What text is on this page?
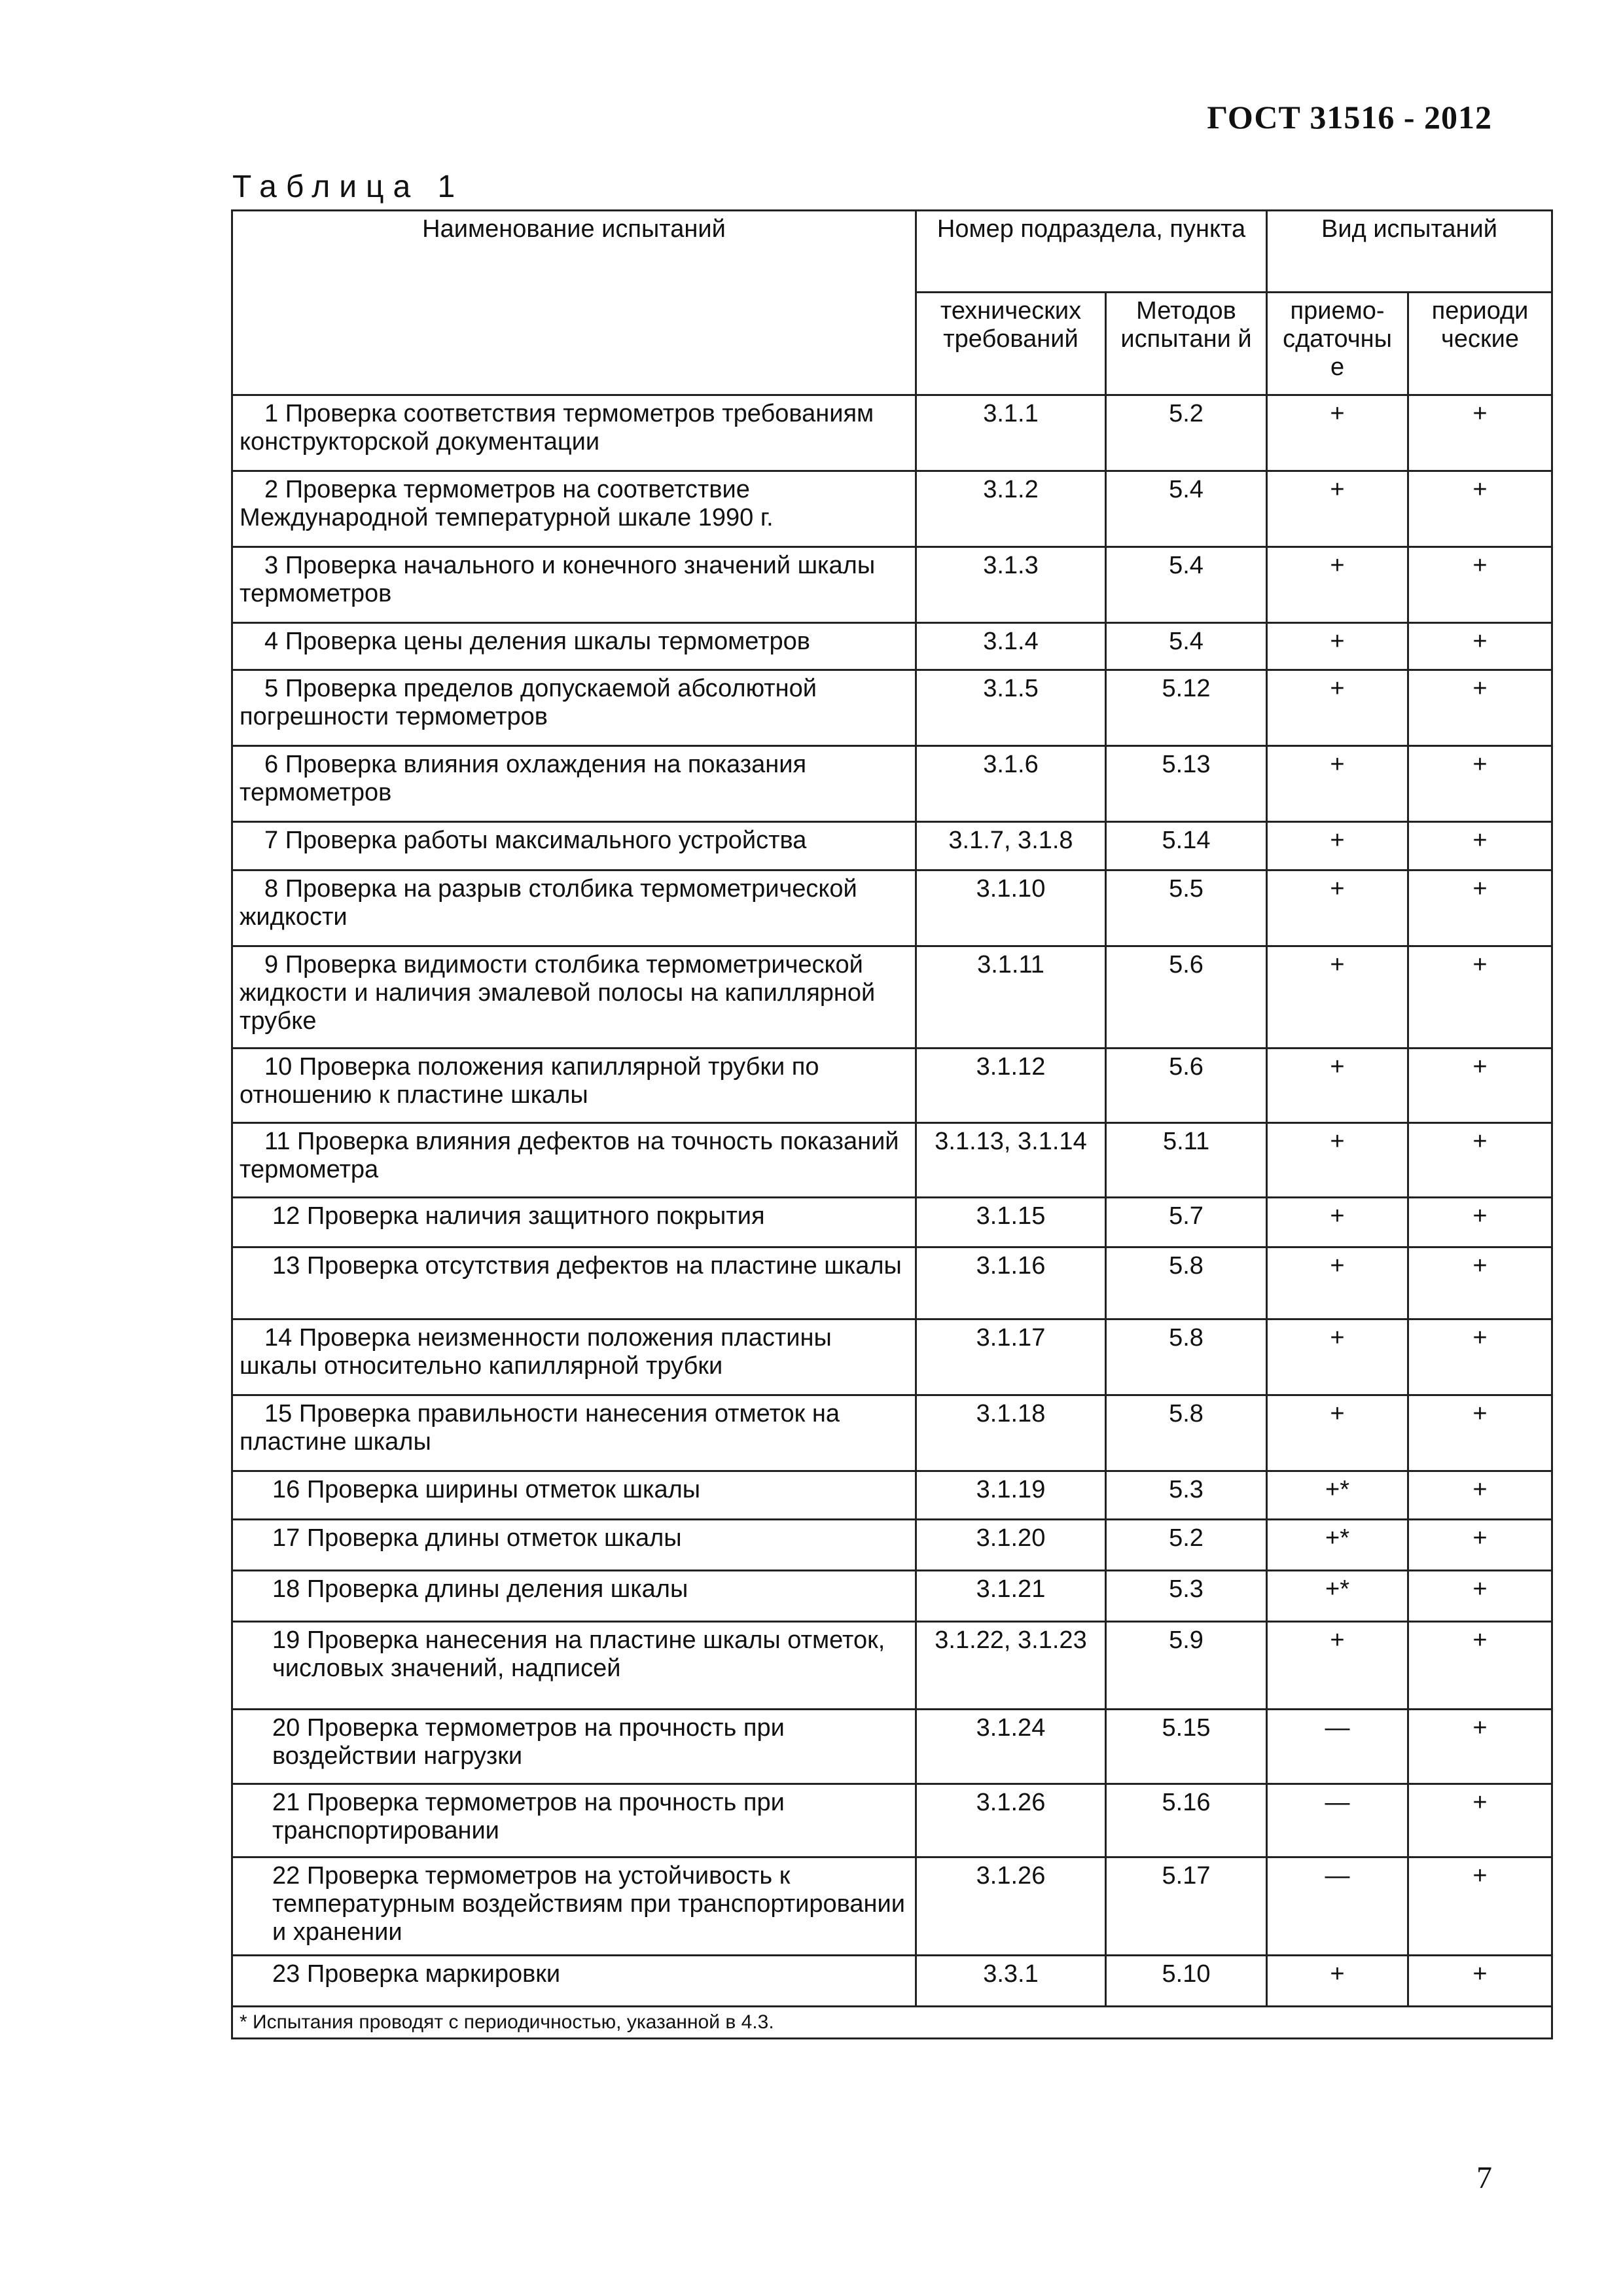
ГОСТ 31516 - 2012
Таблица 1
Наименование испытаний	Номер подраздела, пункта		Вид испытаний	
	технических требований	Методов испытани й	приемо-сдаточны е	периоди ческие
1 Проверка соответствия термометров требованиям конструкторской документации	3.1.1	5.2	+	+
2 Проверка термометров на соответствие Международной температурной шкале 1990 г.	3.1.2	5.4	+	+
3 Проверка начального и конечного значений шкалы термометров	3.1.3	5.4	+	+
4 Проверка цены деления шкалы термометров	3.1.4	5.4	+	+
5 Проверка пределов допускаемой абсолютной погрешности термометров	3.1.5	5.12	+	+
6 Проверка влияния охлаждения на показания термометров	3.1.6	5.13	+	+
7 Проверка работы максимального устройства	3.1.7, 3.1.8	5.14	+	+
8 Проверка на разрыв столбика термометрической жидкости	3.1.10	5.5	+	+
9 Проверка видимости столбика термометрической жидкости и наличия эмалевой полосы на капиллярной трубке	3.1.11	5.6	+	+
10 Проверка положения капиллярной трубки по отношению к пластине шкалы	3.1.12	5.6	+	+
11 Проверка влияния дефектов на точность показаний термометра	3.1.13, 3.1.14	5.11	+	+
12 Проверка наличия защитного покрытия	3.1.15	5.7	+	+
13 Проверка отсутствия дефектов на пластине шкалы	3.1.16	5.8	+	+
14 Проверка неизменности положения пластины шкалы относительно капиллярной трубки	3.1.17	5.8	+	+
15 Проверка правильности нанесения отметок на пластине шкалы	3.1.18	5.8	+	+
16 Проверка ширины отметок шкалы	3.1.19	5.3	+*	+
17 Проверка длины отметок шкалы	3.1.20	5.2	+*	+
18 Проверка длины деления шкалы	3.1.21	5.3	+*	+
19 Проверка нанесения на пластине шкалы отметок, числовых значений, надписей	3.1.22, 3.1.23	5.9	+	+
20 Проверка термометров на прочность при воздействии нагрузки	3.1.24	5.15	—	+
21 Проверка термометров на прочность при транспортировании	3.1.26	5.16	—	+
22 Проверка термометров на устойчивость к температурным воздействиям при транспортировании и хранении	3.1.26	5.17	—	+
23 Проверка маркировки	3.3.1	5.10	+	+
* Испытания проводят с периодичностью, указанной в 4.3.				
7
